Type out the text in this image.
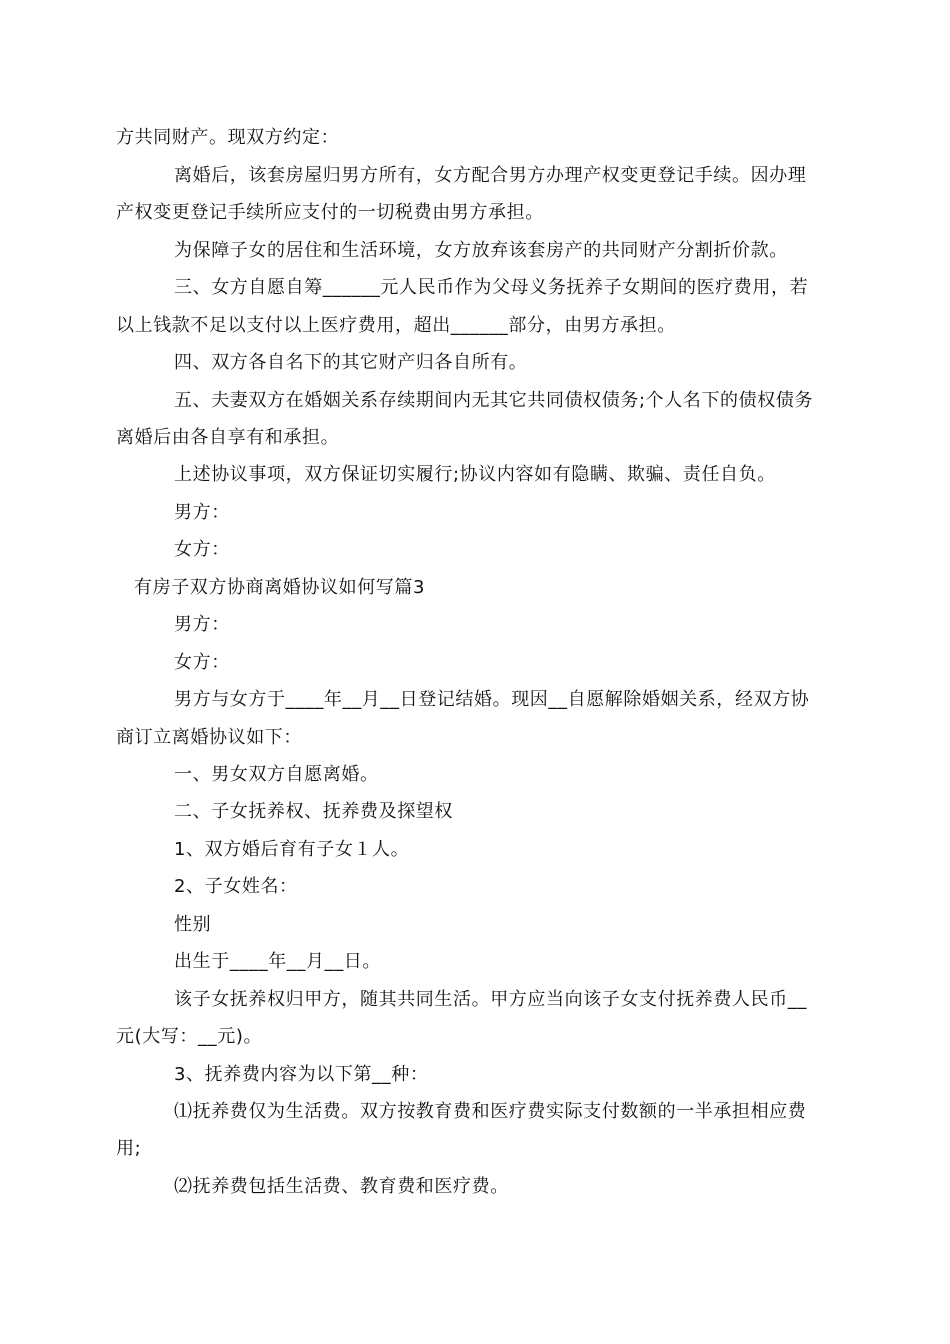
方共同财产。现双方约定：
离婚后，该套房屋归男方所有，女方配合男方办理产权变更登记手续。因办理
产权变更登记手续所应支付的一切税费由男方承担。
为保障子女的居住和生活环境，女方放弃该套房产的共同财产分割折价款。
三、女方自愿自筹______元人民币作为父母义务抚养子女期间的医疗费用，若
以上钱款不足以支付以上医疗费用，超出______部分，由男方承担。
四、双方各自名下的其它财产归各自所有。
五、夫妻双方在婚姻关系存续期间内无其它共同债权债务;个人名下的债权债务
离婚后由各自享有和承担。
上述协议事项，双方保证切实履行;协议内容如有隐瞒、欺骗、责任自负。
男方：
女方：
有房子双方协商离婚协议如何写篇3
男方：
女方：
男方与女方于____年__月__日登记结婚。现因__自愿解除婚姻关系，经双方协
商订立离婚协议如下：
一、男女双方自愿离婚。
二、子女抚养权、抚养费及探望权
1、双方婚后育有子女１人。
2、子女姓名：
性别
出生于____年__月__日。
该子女抚养权归甲方，随其共同生活。甲方应当向该子女支付抚养费人民币__
元(大写：__元)。
3、抚养费内容为以下第__种：
⑴抚养费仅为生活费。双方按教育费和医疗费实际支付数额的一半承担相应费
用;
⑵抚养费包括生活费、教育费和医疗费。
